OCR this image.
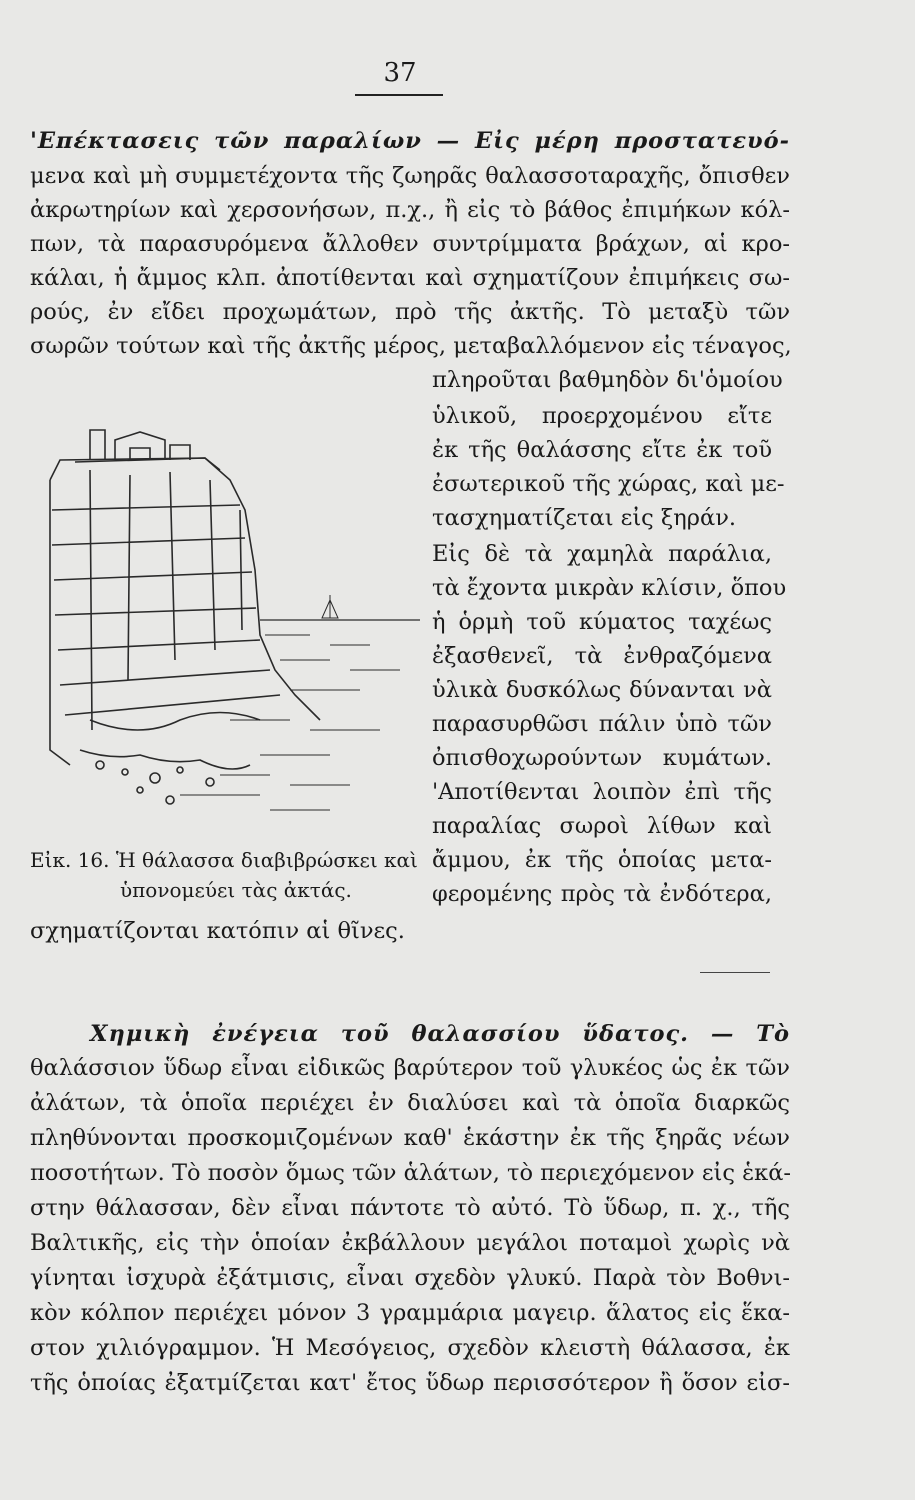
37
'Επέκτασεις τῶν παραλίων — Εἰς μέρη προστατευό-
μενα καὶ μὴ συμμετέχοντα τῆς ζωηρᾶς θαλασσοταραχῆς, ὄπισθεν
ἀκρωτηρίων καὶ χερσονήσων, π.χ., ἢ εἰς τὸ βάθος ἐπιμήκων κόλ-
πων, τὰ παρασυρόμενα ἄλλοθεν συντρίμματα βράχων, αἱ κρο-
κάλαι, ἡ ἄμμος κλπ. ἀποτίθενται καὶ σχηματίζουν ἐπιμήκεις σω-
ρούς, ἐν εἴδει προχωμάτων, πρὸ τῆς ἀκτῆς. Τὸ μεταξὺ τῶν
σωρῶν τούτων καὶ τῆς ἀκτῆς μέρος, μεταβαλλόμενον εἰς τέναγος,
πληροῦται βαθμηδὸν δι'ὁμοίου
ὑλικοῦ, προερχομένου εἴτε
ἐκ τῆς θαλάσσης εἴτε ἐκ τοῦ
ἐσωτερικοῦ τῆς χώρας, καὶ με-
τασχηματίζεται εἰς ξηράν.
Εἰς δὲ τὰ χαμηλὰ παράλια,
τὰ ἔχοντα μικρὰν κλίσιν, ὅπου
ἡ ὁρμὴ τοῦ κύματος ταχέως
ἐξασθενεῖ, τὰ ἐνθραζόμενα
ὑλικὰ δυσκόλως δύνανται νὰ
παρασυρθῶσι πάλιν ὑπὸ τῶν
ὀπισθοχωρούντων κυμάτων.
'Αποτίθενται λοιπὸν ἐπὶ τῆς
παραλίας σωροὶ λίθων καὶ
ἄμμου, ἐκ τῆς ὁποίας μετα-
φερομένης πρὸς τὰ ἐνδότερα,
Εἰκ. 16. Ἡ θάλασσα διαβιβρώσκει καὶ
ὑπονομεύει τὰς ἀκτάς.
σχηματίζονται κατόπιν αἱ θῖνες.
Χημικὴ ἐνέγεια τοῦ θαλασσίου ὕδατος. — Τὸ
θαλάσσιον ὕδωρ εἶναι εἰδικῶς βαρύτερον τοῦ γλυκέος ὡς ἐκ τῶν
ἀλάτων, τὰ ὁποῖα περιέχει ἐν διαλύσει καὶ τὰ ὁποῖα διαρκῶς
πληθύνονται προσκομιζομένων καθ' ἑκάστην ἐκ τῆς ξηρᾶς νέων
ποσοτήτων. Τὸ ποσὸν ὅμως τῶν ἁλάτων, τὸ περιεχόμενον εἰς ἑκά-
στην θάλασσαν, δὲν εἶναι πάντοτε τὸ αὐτό. Τὸ ὕδωρ, π. χ., τῆς
Βαλτικῆς, εἰς τὴν ὁποίαν ἐκβάλλουν μεγάλοι ποταμοὶ χωρὶς νὰ
γίνηται ἰσχυρὰ ἐξάτμισις, εἶναι σχεδὸν γλυκύ. Παρὰ τὸν Βοθνι-
κὸν κόλπον περιέχει μόνον 3 γραμμάρια μαγειρ. ἅλατος εἰς ἕκα-
στον χιλιόγραμμον. Ἡ Μεσόγειος, σχεδὸν κλειστὴ θάλασσα, ἐκ
τῆς ὁποίας ἐξατμίζεται κατ' ἔτος ὕδωρ περισσότερον ἢ ὅσον εἰσ-
